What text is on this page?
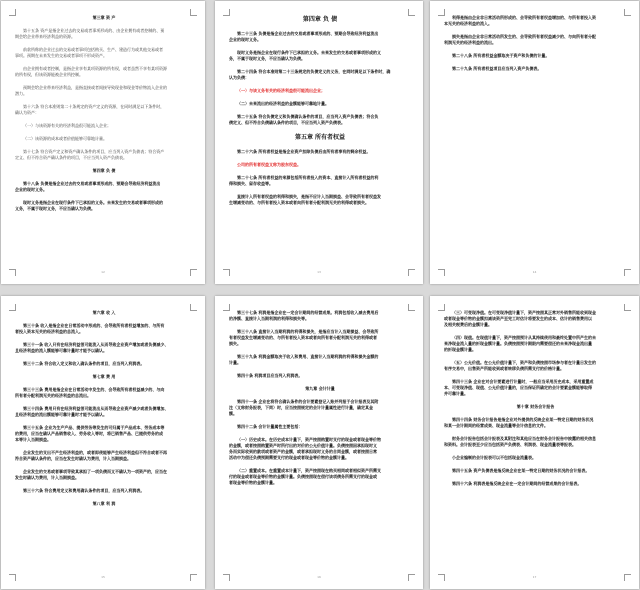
第三章 资 产
第十五条 资产是指企业过去的交易或者事项形成的、由企业拥有或者控制的、预
期会给企业带来经济利益的资源。
前款所称的企业过去的交易或者事项包括购买、生产、建造行为或其他交易或者
事项。预期在未来发生的交易或者事项不形成资产。
由企业拥有或者控制，是指企业享有某项资源的所有权，或者虽然不享有某项资源
的所有权，但该资源能被企业所控制。
预期会给企业带来经济利益，是指直接或者间接导致现金和现金等价物流入企业的
潜力。
第十六条 符合本准则第二十条规定的资产定义的资源，在同时满足以下条件时，
确认为资产：
（一）与该资源有关的经济利益很可能流入企业；
（二）该资源的成本或者价值能够可靠地计量。
第十七条 符合资产定义和资产确认条件的项目，应当列入资产负债表；符合资产
定义、但不符合资产确认条件的项目，不应当列入资产负债表。
第四章 负 债
第十八条 负债是指企业过去的交易或者事项形成的、预期会导致经济利益流出
企业的现时义务。
现时义务是指企业在现行条件下已承担的义务。未来发生的交易或者事项形成的
义务，不属于现时义务，不应当确认为负债。
12
第四章 负 债
第二十三条 负债是指企业过去的交易或者事项形成的、预期会导致经济利益流出
企业的现时义务。
现时义务是指企业在现行条件下已承担的义务。未来发生的交易或者事项形成的义
务，不属于现时义务，不应当确认为负债。
第二十四条 符合本准则第二十三条规定的负债定义的义务，在同时满足以下条件时，确
认为负债：
（一）与该义务有关的经济利益很可能流出企业；
（二）未来流出的经济利益的金额能够可靠地计量。
第二十五条 符合负债定义和负债确认条件的项目，应当列入资产负债表；符合负
债定义、但不符合负债确认条件的项目，不应当列入资产负债表。
第五章 所有者权益
第二十六条 所有者权益是指企业资产扣除负债后由所有者享有的剩余权益。
公司的所有者权益又称为股东权益。
第二十七条 所有者权益的来源包括所有者投入的资本、直接计入所有者权益的利
得和损失、留存收益等。
直接计入所有者权益的利得和损失，是指不应计入当期损益、会导致所有者权益发
生增减变动的、与所有者投入资本或者向所有者分配利润无关的利得或者损失。
13
利得是指由企业非日常活动所形成的、会导致所有者权益增加的、与所有者投入资
本无关的经济利益的流入。
损失是指由企业非日常活动所发生的、会导致所有者权益减少的、与向所有者分配
利润无关的经济利益的流出。
第二十八条 所有者权益金额取决于资产和负债的计量。
第二十九条 所有者权益项目应当列入资产负债表。
14
第六章 收 入
第三十条 收入是指企业在日常活动中形成的、会导致所有者权益增加的、与所有
者投入资本无关的经济利益的总流入。
第三十一条 收入只有在经济利益很可能流入从而导致企业资产增加或者负债减少、
且经济利益的流入额能够可靠计量时才能予以确认。
第三十二条 符合收入定义和收入确认条件的项目，应当列入利润表。
第七章 费 用
第三十三条 费用是指企业在日常活动中发生的、会导致所有者权益减少的、与向
所有者分配利润无关的经济利益的总流出。
第三十四条 费用只有在经济利益很可能流出从而导致企业资产减少或者负债增加、
且经济利益的流出额能够可靠计量时才能予以确认。
第三十五条 企业为生产产品、提供劳务等发生的可归属于产品成本、劳务成本等
的费用，应当在确认产品销售收入、劳务收入等时，将已销售产品、已提供劳务的成
本等计入当期损益。
企业发生的支出不产生经济利益的，或者即使能够产生经济利益但不符合或者不再
符合资产确认条件的，应当在发生时确认为费用，计入当期损益。
企业发生的交易或者事项导致其承担了一项负债而又不确认为一项资产的，应当在
发生时确认为费用，计入当期损益。
第三十六条 符合费用定义和费用确认条件的项目，应当列入利润表。
第八章 利 润
15
第三十七条 利润是指企业在一定会计期间的经营成果。利润包括收入减去费用后
的净额、直接计入当期利润的利得和损失等。
第三十八条 直接计入当期利润的利得和损失，是指应当计入当期损益、会导致所
有者权益发生增减变动的、与所有者投入资本或者向所有者分配利润无关的利得或者
损失。
第三十九条 利润金额取决于收入和费用、直接计入当期利润的利得和损失金额的
计量。
第四十条 利润项目应当列入利润表。
第九章 会计计量
第四十一条 企业在将符合确认条件的会计要素登记入账并列报于会计报表及其附
注（又称财务报表，下同）时，应当按照规定的会计计量属性进行计量，确定其金
额。
第四十二条 会计计量属性主要包括：
（一）历史成本。在历史成本计量下，资产按照购置时支付的现金或者现金等价物
的金额，或者按照购置资产时所付出的对价的公允价值计量。负债按照因承担现时义
务而实际收到的款项或者资产的金额，或者承担现时义务的合同金额，或者按照日常
活动中为偿还负债预期需要支付的现金或者现金等价物的金额计量。
（二）重置成本。在重置成本计量下，资产按照现在购买相同或者相似资产所需支
付的现金或者现金等价物的金额计量。负债按照现在偿付该项债务所需支付的现金或
者现金等价物的金额计量。
16
（三）可变现净值。在可变现净值计量下，资产按照其正常对外销售所能收到现金
或者现金等价物的金额扣减该资产至完工时估计将要发生的成本、估计的销售费用以
及相关税费后的金额计量。
（四）现值。在现值计量下，资产按照预计从其持续使用和最终处置中所产生的未
来净现金流入量的折现金额计量。负债按照预计期限内需要偿还的未来净现金流出量
的折现金额计量。
（五）公允价值。在公允价值计量下，资产和负债按照市场参与者在计量日发生的
有序交易中，出售资产所能收到或者转移负债所需支付的价格计量。
第四十三条 企业在对会计要素进行计量时，一般应当采用历史成本，采用重置成
本、可变现净值、现值、公允价值计量的，应当保证所确定的会计要素金额能够取得
并可靠计量。
第十章 财务会计报告
第四十四条 财务会计报告是指企业对外提供的反映企业某一特定日期的财务状况
和某一会计期间的经营成果、现金流量等会计信息的文件。
财务会计报告包括会计报表及其附注和其他应当在财务会计报告中披露的相关信息
和资料。会计报表至少应当包括资产负债表、利润表、现金流量表等报表。
小企业编制的会计报表可以不包括现金流量表。
第四十五条 资产负债表是指反映企业在某一特定日期的财务状况的会计报表。
第四十六条 利润表是指反映企业在一定会计期间的经营成果的会计报表。
17
